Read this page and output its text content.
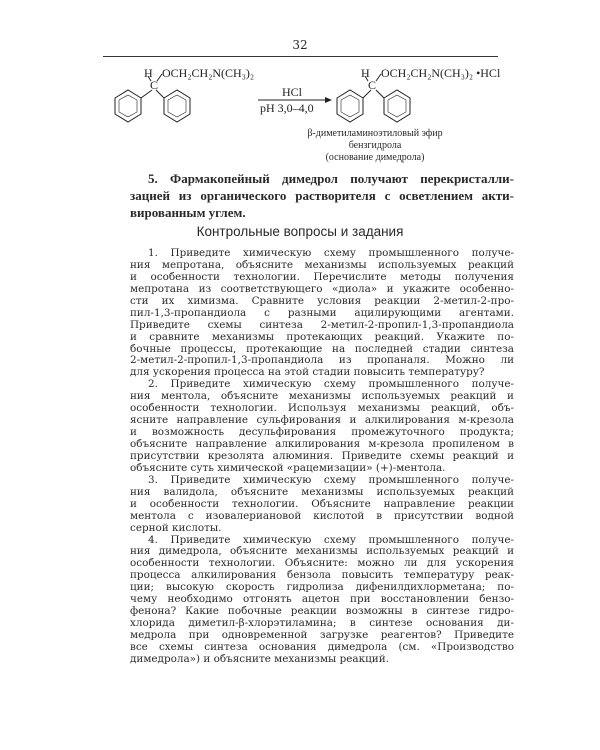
32
H
C
OCH₂CH₂N(CH₃)₂
HCl
pH 3,0–4,0
H
C
OCH₂CH₂N(CH₃)₂ •HCl
β-диметиламиноэтиловый эфир
бензгидрола
(основание димедрола)
5. Фармакопейный димедрол получают перекристалли-
зацией из органического растворителя с осветлением акти-
вированным углем.
Контрольные вопросы и задания
1. Приведите химическую схему промышленного получе-
ния мепротана, объясните механизмы используемых реакций
и особенности технологии. Перечислите методы получения
мепротана из соответствующего «диола» и укажите особенно-
сти их химизма. Сравните условия реакции 2-метил-2-про-
пил-1,3-пропандиола с разными ацилирующими агентами.
Приведите схемы синтеза 2-метил-2-пропил-1,3-пропандиола
и сравните механизмы протекающих реакций. Укажите по-
бочные процессы, протекающие на последней стадии синтеза
2-метил-2-пропил-1,3-пропандиола из пропаналя. Можно ли
для ускорения процесса на этой стадии повысить температуру?
2. Приведите химическую схему промышленного получе-
ния ментола, объясните механизмы используемых реакций и
особенности технологии. Используя механизмы реакций, объ-
ясните направление сульфирования и алкилирования м-крезола
и возможность десульфирования промежуточного продукта;
объясните направление алкилирования м-крезола пропиленом в
присутствии крезолята алюминия. Приведите схемы реакций и
объясните суть химической «рацемизации» (+)-ментола.
3. Приведите химическую схему промышленного получе-
ния валидола, объясните механизмы используемых реакций
и особенности технологии. Объясните направление реакции
ментола с изовалериановой кислотой в присутствии водной
серной кислоты.
4. Приведите химическую схему промышленного получе-
ния димедрола, объясните механизмы используемых реакций и
особенности технологии. Объясните: можно ли для ускорения
процесса алкилирования бензола повысить температуру реак-
ции; высокую скорость гидролиза дифенилдихлорметана; по-
чему необходимо отгонять ацетон при восстановлении бензо-
фенона? Какие побочные реакции возможны в синтезе гидро-
хлорида диметил-β-хлорэтиламина; в синтезе основания ди-
медрола при одновременной загрузке реагентов? Приведите
все схемы синтеза основания димедрола (см. «Производство
димедрола») и объясните механизмы реакций.
